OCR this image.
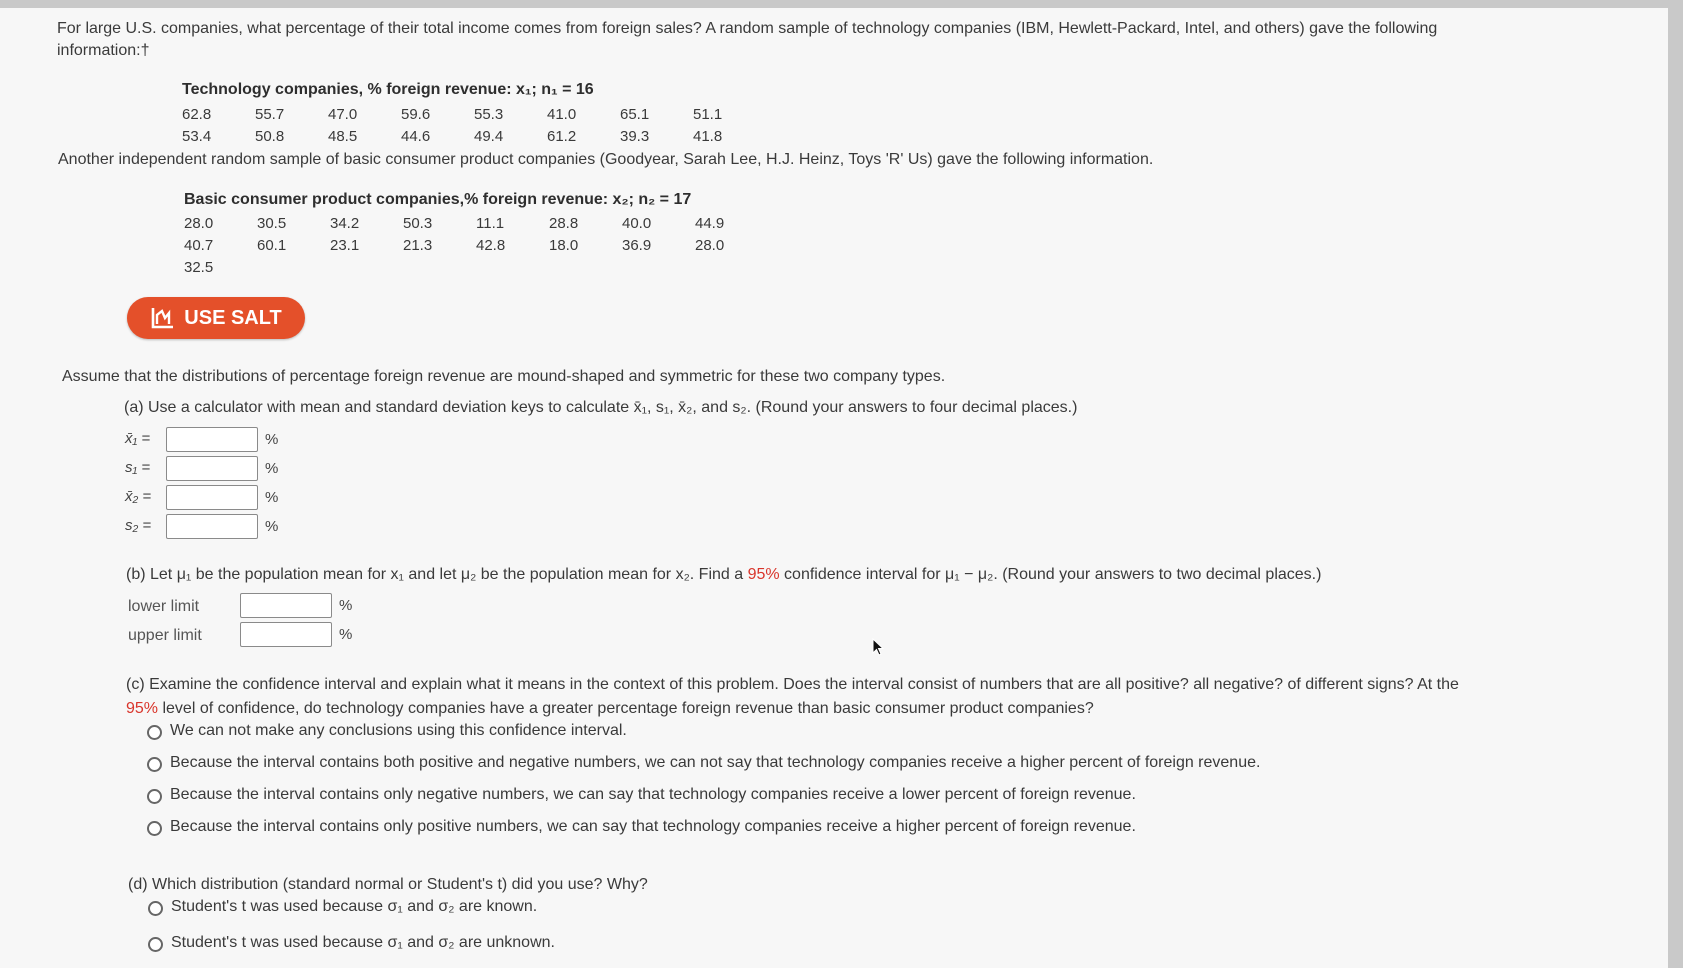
For large U.S. companies, what percentage of their total income comes from foreign sales? A random sample of technology companies (IBM, Hewlett-Packard, Intel, and others) gave the following
information:†
Technology companies, % foreign revenue: x₁; n₁ = 16
62.8	55.7	47.0	59.6	55.3	41.0	65.1	51.1
53.4	50.8	48.5	44.6	49.4	61.2	39.3	41.8
Another independent random sample of basic consumer product companies (Goodyear, Sarah Lee, H.J. Heinz, Toys 'R' Us) gave the following information.
Basic consumer product companies,% foreign revenue: x₂; n₂ = 17
28.0	30.5	34.2	50.3	11.1	28.8	40.0	44.9
40.7	60.1	23.1	21.3	42.8	18.0	36.9	28.0
32.5
USE SALT
Assume that the distributions of percentage foreign revenue are mound-shaped and symmetric for these two company types.
(a) Use a calculator with mean and standard deviation keys to calculate x̄₁, s₁, x̄₂, and s₂. (Round your answers to four decimal places.)
x̄₁ =	%
s₁ =	%
x̄₂ =	%
s₂ =	%
(b) Let μ₁ be the population mean for x₁ and let μ₂ be the population mean for x₂. Find a 95% confidence interval for μ₁ − μ₂. (Round your answers to two decimal places.)
lower limit	%
upper limit	%
(c) Examine the confidence interval and explain what it means in the context of this problem. Does the interval consist of numbers that are all positive? all negative? of different signs? At the
95% level of confidence, do technology companies have a greater percentage foreign revenue than basic consumer product companies?
We can not make any conclusions using this confidence interval.
Because the interval contains both positive and negative numbers, we can not say that technology companies receive a higher percent of foreign revenue.
Because the interval contains only negative numbers, we can say that technology companies receive a lower percent of foreign revenue.
Because the interval contains only positive numbers, we can say that technology companies receive a higher percent of foreign revenue.
(d) Which distribution (standard normal or Student's t) did you use? Why?
Student's t was used because σ₁ and σ₂ are known.
Student's t was used because σ₁ and σ₂ are unknown.
